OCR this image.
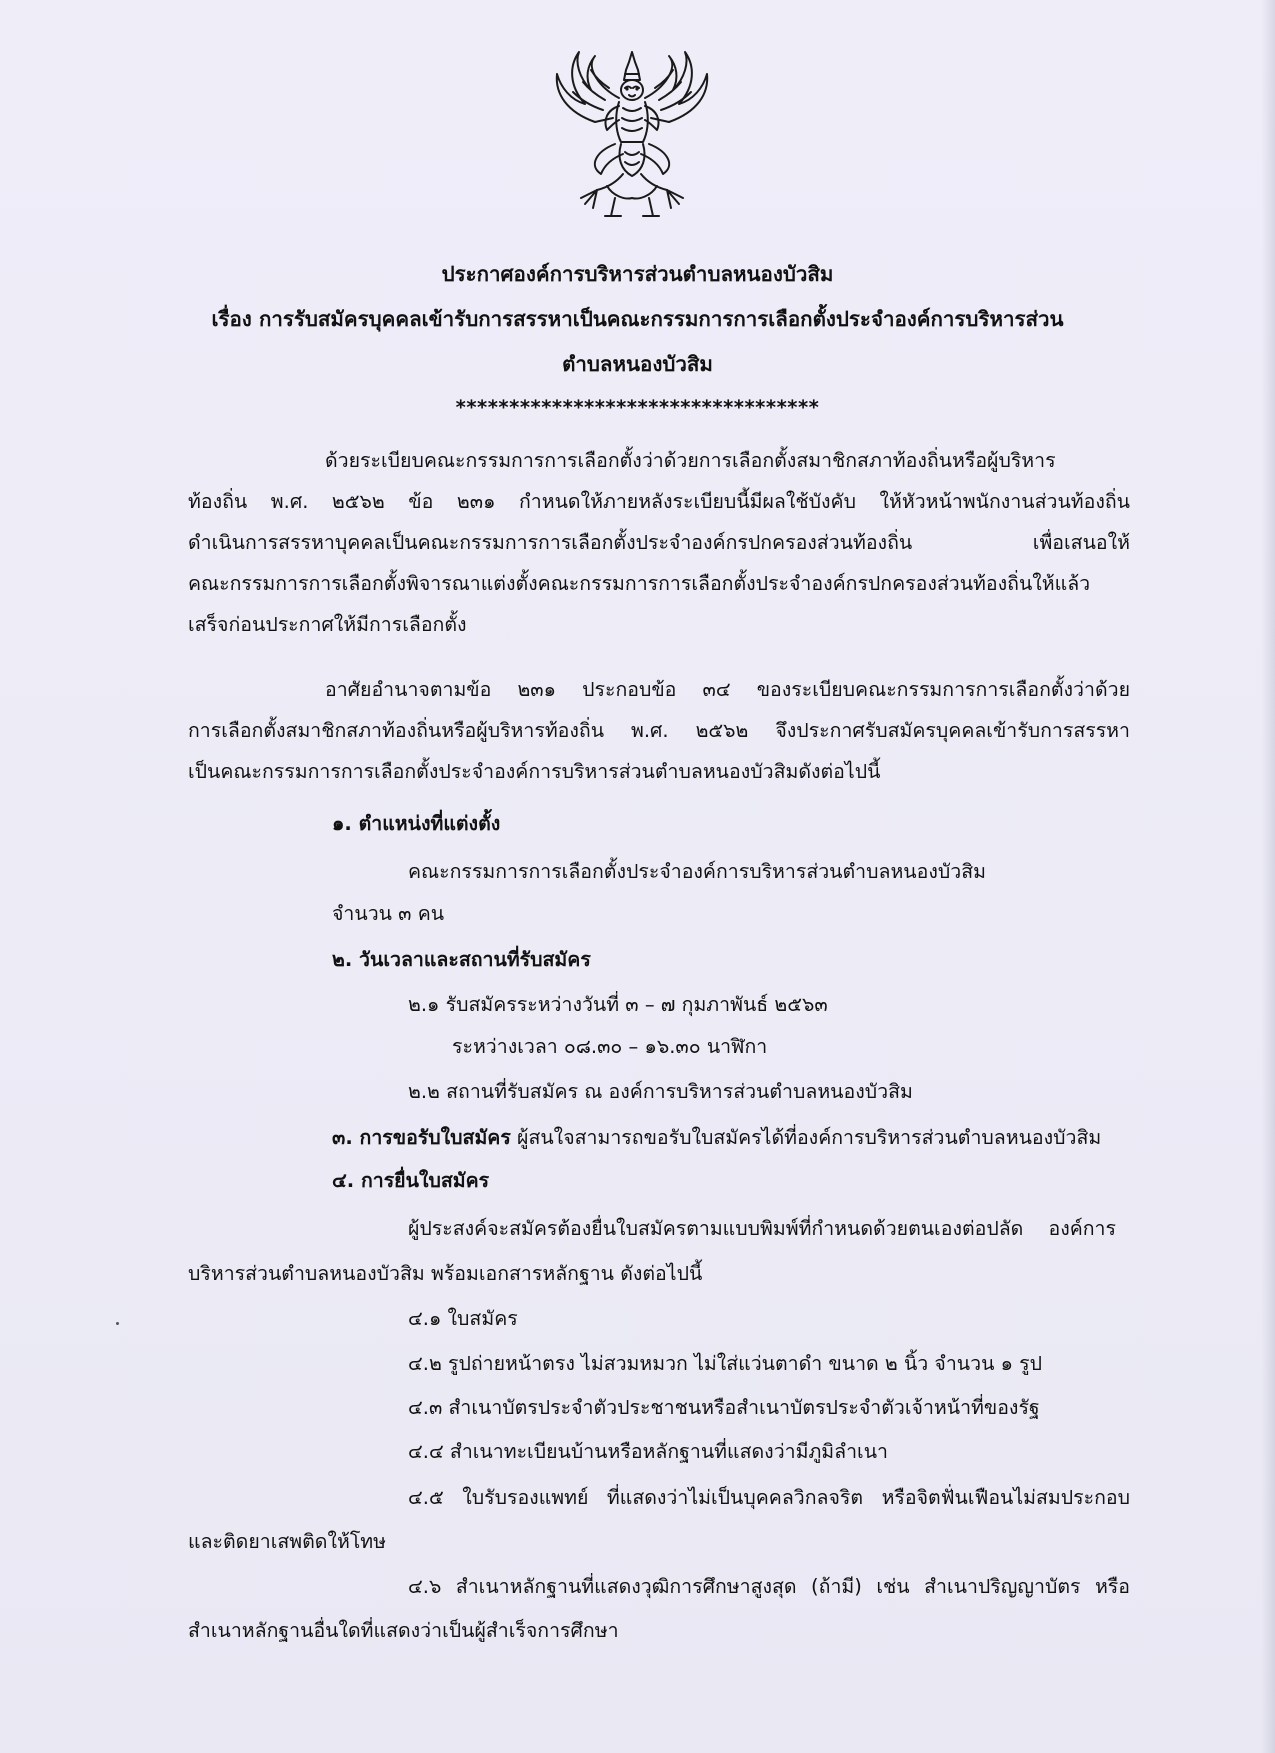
ประกาศองค์การบริหารส่วนตำบลหนองบัวสิม

เรื่อง การรับสมัครบุคคลเข้ารับการสรรหาเป็นคณะกรรมการการเลือกตั้งประจำองค์การบริหารส่วน

ตำบลหนองบัวสิม

**********************************

ด้วยระเบียบคณะกรรมการการเลือกตั้งว่าด้วยการเลือกตั้งสมาชิกสภาท้องถิ่นหรือผู้บริหาร

ท้องถิ่น พ.ศ. ๒๕๖๒ ข้อ ๒๓๑ กำหนดให้ภายหลังระเบียบนี้มีผลใช้บังคับ ให้หัวหน้าพนักงานส่วนท้องถิ่น

ดำเนินการสรรหาบุคคลเป็นคณะกรรมการการเลือกตั้งประจำองค์กรปกครองส่วนท้องถิ่น เพื่อเสนอให้

คณะกรรมการการเลือกตั้งพิจารณาแต่งตั้งคณะกรรมการการเลือกตั้งประจำองค์กรปกครองส่วนท้องถิ่นให้แล้ว

เสร็จก่อนประกาศให้มีการเลือกตั้ง

อาศัยอำนาจตามข้อ ๒๓๑ ประกอบข้อ ๓๔ ของระเบียบคณะกรรมการการเลือกตั้งว่าด้วย

การเลือกตั้งสมาชิกสภาท้องถิ่นหรือผู้บริหารท้องถิ่น พ.ศ. ๒๕๖๒ จึงประกาศรับสมัครบุคคลเข้ารับการสรรหา

เป็นคณะกรรมการการเลือกตั้งประจำองค์การบริหารส่วนตำบลหนองบัวสิมดังต่อไปนี้

๑. ตำแหน่งที่แต่งตั้ง

คณะกรรมการการเลือกตั้งประจำองค์การบริหารส่วนตำบลหนองบัวสิม

จำนวน ๓ คน

๒. วันเวลาและสถานที่รับสมัคร

๒.๑ รับสมัครระหว่างวันที่ ๓ – ๗ กุมภาพันธ์ ๒๕๖๓

ระหว่างเวลา ๐๘.๓๐ – ๑๖.๓๐ นาฬิกา

๒.๒ สถานที่รับสมัคร ณ องค์การบริหารส่วนตำบลหนองบัวสิม

๓. การขอรับใบสมัคร ผู้สนใจสามารถขอรับใบสมัครได้ที่องค์การบริหารส่วนตำบลหนองบัวสิม

๔. การยื่นใบสมัคร

ผู้ประสงค์จะสมัครต้องยื่นใบสมัครตามแบบพิมพ์ที่กำหนดด้วยตนเองต่อปลัด องค์การ

บริหารส่วนตำบลหนองบัวสิม พร้อมเอกสารหลักฐาน ดังต่อไปนี้

๔.๑ ใบสมัคร

๔.๒ รูปถ่ายหน้าตรง ไม่สวมหมวก ไม่ใส่แว่นตาดำ ขนาด ๒ นิ้ว จำนวน ๑ รูป

๔.๓ สำเนาบัตรประจำตัวประชาชนหรือสำเนาบัตรประจำตัวเจ้าหน้าที่ของรัฐ

๔.๔ สำเนาทะเบียนบ้านหรือหลักฐานที่แสดงว่ามีภูมิลำเนา

๔.๕ ใบรับรองแพทย์ ที่แสดงว่าไม่เป็นบุคคลวิกลจริต หรือจิตฟั่นเฟือนไม่สมประกอบ

และติดยาเสพติดให้โทษ

๔.๖ สำเนาหลักฐานที่แสดงวุฒิการศึกษาสูงสุด (ถ้ามี) เช่น สำเนาปริญญาบัตร หรือ

สำเนาหลักฐานอื่นใดที่แสดงว่าเป็นผู้สำเร็จการศึกษา
